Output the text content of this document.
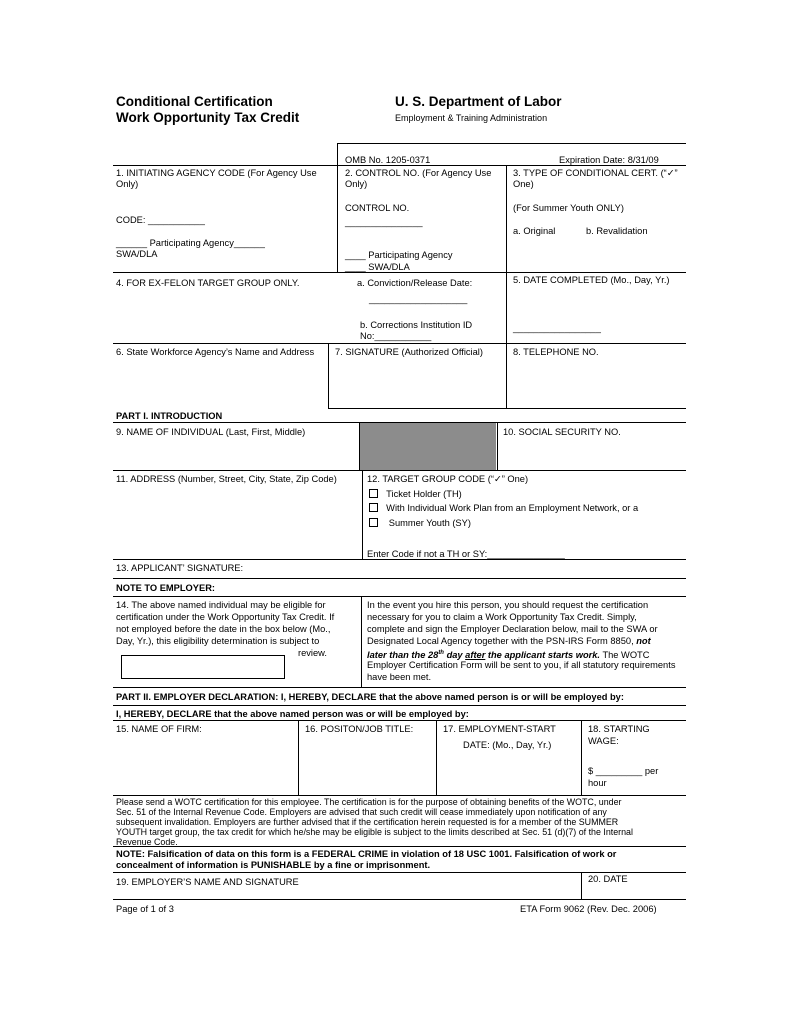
Conditional Certification
Work Opportunity Tax Credit
U. S. Department of Labor
Employment & Training Administration
OMB No. 1205-0371	Expiration Date: 8/31/09
1. INITIATING AGENCY CODE (For Agency Use Only)
CODE: ___________
______ Participating Agency______
SWA/DLA
2. CONTROL NO. (For Agency Use Only)
CONTROL NO.
_______________
____ Participating Agency
____ SWA/DLA
3. TYPE OF CONDITIONAL CERT. (“✓” One)
(For Summer Youth ONLY)
a. Original	b. Revalidation
4. FOR EX-FELON TARGET GROUP ONLY.	a. Conviction/Release Date:
___________________
b. Corrections Institution ID No:___________
5. DATE COMPLETED (Mo., Day, Yr.)
_________________
6. State Workforce Agency’s Name and Address 7. SIGNATURE (Authorized Official)	8. TELEPHONE NO.
PART I. INTRODUCTION
9. NAME OF INDIVIDUAL (Last, First, Middle)	10. SOCIAL SECURITY NO.
11. ADDRESS (Number, Street, City, State, Zip Code)	12. TARGET GROUP CODE (“✓” One)
Ticket Holder (TH)
With Individual Work Plan from an Employment Network, or a
Summer Youth (SY)
Enter Code if not a TH or SY:_______________
13. APPLICANT’ SIGNATURE:
NOTE TO EMPLOYER:
14. The above named individual may be eligible for
certification under the Work Opportunity Tax Credit. If
not employed before the date in the box below (Mo.,
Day, Yr.), this eligibility determination is subject to
review.
In the event you hire this person, you should request the certification
necessary for you to claim a Work Opportunity Tax Credit. Simply,
complete and sign the Employer Declaration below, mail to the SWA or
Designated Local Agency together with the PSN-IRS Form 8850, not
later than the 28th day after the applicant starts work. The WOTC
Employer Certification Form will be sent to you, if all statutory requirements
have been met.
PART II. EMPLOYER DECLARATION: I, HEREBY, DECLARE that the above named person is or will be employed by:
I, HEREBY, DECLARE that the above named person was or will be employed by:
15. NAME OF FIRM:	16. POSITON/JOB TITLE:	17. EMPLOYMENT-START
DATE: (Mo., Day, Yr.)
18. STARTING
WAGE:
$ _________ per
hour
Please send a WOTC certification for this employee. The certification is for the purpose of obtaining benefits of the WOTC, under
Sec. 51 of the Internal Revenue Code. Employers are advised that such credit will cease immediately upon notification of any
subsequent invalidation. Employers are further advised that if the certification herein requested is for a member of the SUMMER
YOUTH target group, the tax credit for which he/she may be eligible is subject to the limits described at Sec. 51 (d)(7) of the Internal
Revenue Code.
NOTE: Falsification of data on this form is a FEDERAL CRIME in violation of 18 USC 1001. Falsification of work or
concealment of information is PUNISHABLE by a fine or imprisonment.
19. EMPLOYER’S NAME AND SIGNATURE	20. DATE
Page of 1 of 3	ETA Form 9062 (Rev. Dec. 2006)
